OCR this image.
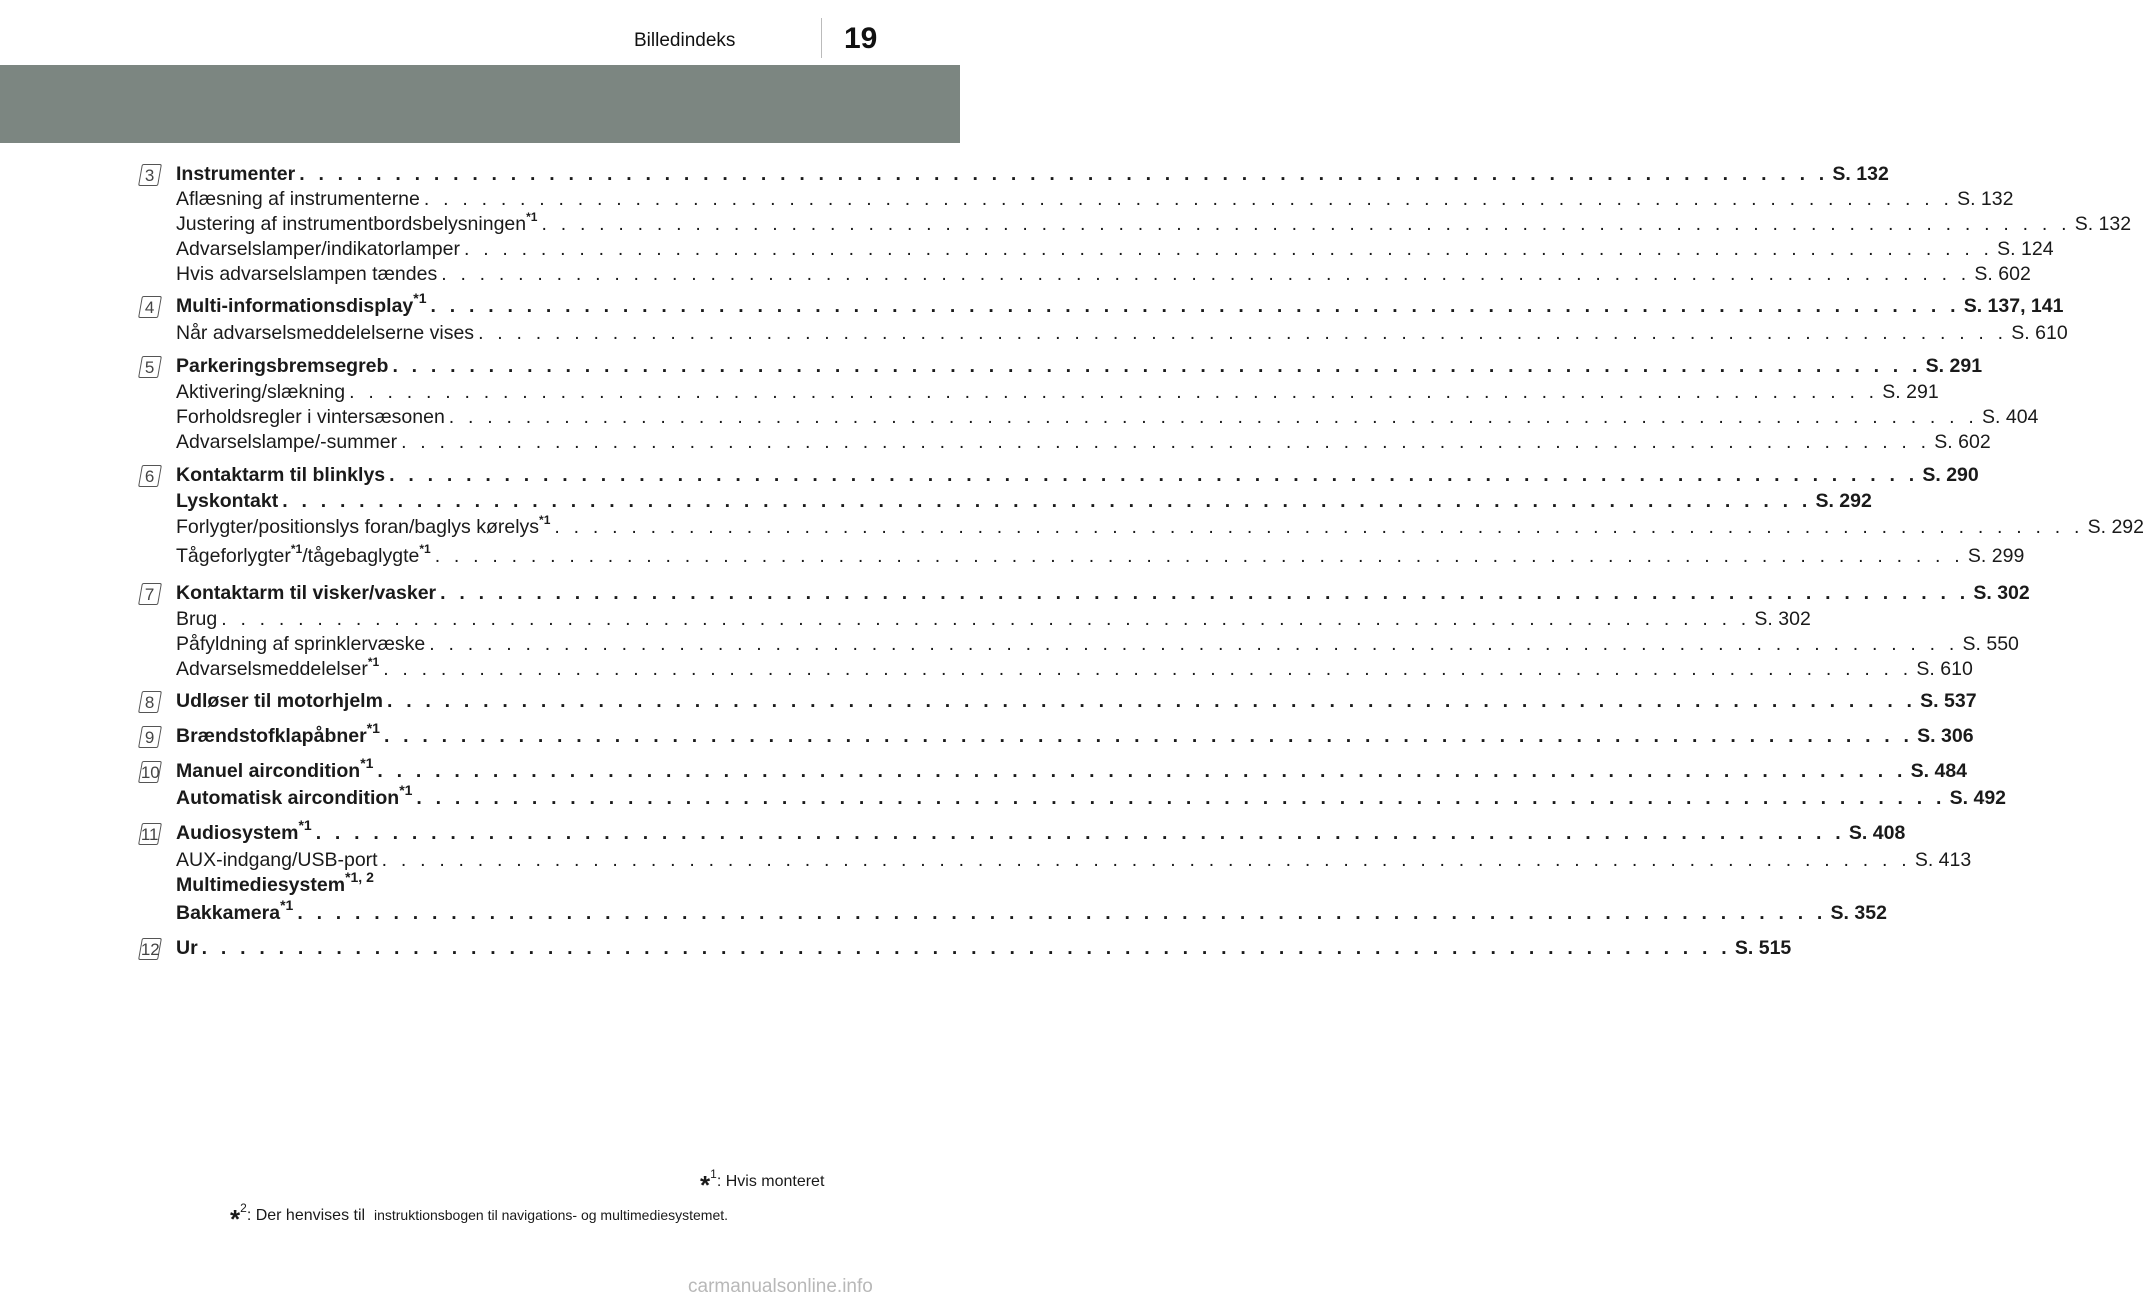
Billedindeks	19
3	Instrumenter . . . . . . . . . . . . . . . . . . . . . . . . . . . . . . . . . . . . . . . . . . . . . . . . . . . . . . . . . . . . . . . . . . . . . . . . . . . . . . . . S. 132
Aflæsning af instrumenterne . . . . . . . . . . . . . . . . . . . . . . . . . . . . . . . . . . . . . . . . . . . . . . . . . . . . . . . . . . . . . . . . . . . . . . . . . . . . . . . . S. 132
Justering af instrumentbordsbelysningen$^{*1}$ . . . . . . . . . . . . . . . . . . . . . . . . . . . . . . . . . . . . . . . . . . . . . . . . . . . . . . . . . . . . . . . . . . . . . . . . . . . . . . . . S. 132
Advarselslamper/indikatorlamper . . . . . . . . . . . . . . . . . . . . . . . . . . . . . . . . . . . . . . . . . . . . . . . . . . . . . . . . . . . . . . . . . . . . . . . . . . . . . . . . S. 124
Hvis advarselslampen tændes . . . . . . . . . . . . . . . . . . . . . . . . . . . . . . . . . . . . . . . . . . . . . . . . . . . . . . . . . . . . . . . . . . . . . . . . . . . . . . . . S. 602
4	Multi-informationsdisplay$^{*1}$ . . . . . . . . . . . . . . . . . . . . . . . . . . . . . . . . . . . . . . . . . . . . . . . . . . . . . . . . . . . . . . . . . . . . . . . . . . . . . . . . S. 137, 141
Når advarselsmeddelelserne vises . . . . . . . . . . . . . . . . . . . . . . . . . . . . . . . . . . . . . . . . . . . . . . . . . . . . . . . . . . . . . . . . . . . . . . . . . . . . . . . . S. 610
5	Parkeringsbremsegreb . . . . . . . . . . . . . . . . . . . . . . . . . . . . . . . . . . . . . . . . . . . . . . . . . . . . . . . . . . . . . . . . . . . . . . . . . . . . . . . . S. 291
Aktivering/slækning . . . . . . . . . . . . . . . . . . . . . . . . . . . . . . . . . . . . . . . . . . . . . . . . . . . . . . . . . . . . . . . . . . . . . . . . . . . . . . . . S. 291
Forholdsregler i vintersæsonen . . . . . . . . . . . . . . . . . . . . . . . . . . . . . . . . . . . . . . . . . . . . . . . . . . . . . . . . . . . . . . . . . . . . . . . . . . . . . . . . S. 404
Advarselslampe/-summer . . . . . . . . . . . . . . . . . . . . . . . . . . . . . . . . . . . . . . . . . . . . . . . . . . . . . . . . . . . . . . . . . . . . . . . . . . . . . . . . S. 602
6	Kontaktarm til blinklys . . . . . . . . . . . . . . . . . . . . . . . . . . . . . . . . . . . . . . . . . . . . . . . . . . . . . . . . . . . . . . . . . . . . . . . . . . . . . . . . S. 290
Lyskontakt . . . . . . . . . . . . . . . . . . . . . . . . . . . . . . . . . . . . . . . . . . . . . . . . . . . . . . . . . . . . . . . . . . . . . . . . . . . . . . . . S. 292
Forlygter/positionslys foran/baglys kørelys$^{*1}$ . . . . . . . . . . . . . . . . . . . . . . . . . . . . . . . . . . . . . . . . . . . . . . . . . . . . . . . . . . . . . . . . . . . . . . . . . . . . . . . . S. 292
Tågeforlygter$^{*1}$/tågebaglygte$^{*1}$ . . . . . . . . . . . . . . . . . . . . . . . . . . . . . . . . . . . . . . . . . . . . . . . . . . . . . . . . . . . . . . . . . . . . . . . . . . . . . . . . S. 299
7	Kontaktarm til visker/vasker . . . . . . . . . . . . . . . . . . . . . . . . . . . . . . . . . . . . . . . . . . . . . . . . . . . . . . . . . . . . . . . . . . . . . . . . . . . . . . . . S. 302
Brug . . . . . . . . . . . . . . . . . . . . . . . . . . . . . . . . . . . . . . . . . . . . . . . . . . . . . . . . . . . . . . . . . . . . . . . . . . . . . . . . S. 302
Påfyldning af sprinklervæske . . . . . . . . . . . . . . . . . . . . . . . . . . . . . . . . . . . . . . . . . . . . . . . . . . . . . . . . . . . . . . . . . . . . . . . . . . . . . . . . S. 550
Advarselsmeddelelser$^{*1}$ . . . . . . . . . . . . . . . . . . . . . . . . . . . . . . . . . . . . . . . . . . . . . . . . . . . . . . . . . . . . . . . . . . . . . . . . . . . . . . . . S. 610
8	Udløser til motorhjelm . . . . . . . . . . . . . . . . . . . . . . . . . . . . . . . . . . . . . . . . . . . . . . . . . . . . . . . . . . . . . . . . . . . . . . . . . . . . . . . . S. 537
9	Brændstofklapåbner$^{*1}$ . . . . . . . . . . . . . . . . . . . . . . . . . . . . . . . . . . . . . . . . . . . . . . . . . . . . . . . . . . . . . . . . . . . . . . . . . . . . . . . . S. 306
10 Manuel aircondition$^{*1}$ . . . . . . . . . . . . . . . . . . . . . . . . . . . . . . . . . . . . . . . . . . . . . . . . . . . . . . . . . . . . . . . . . . . . . . . . . . . . . . . . S. 484
Automatisk aircondition$^{*1}$ . . . . . . . . . . . . . . . . . . . . . . . . . . . . . . . . . . . . . . . . . . . . . . . . . . . . . . . . . . . . . . . . . . . . . . . . . . . . . . . . S. 492
11 Audiosystem$^{*1}$ . . . . . . . . . . . . . . . . . . . . . . . . . . . . . . . . . . . . . . . . . . . . . . . . . . . . . . . . . . . . . . . . . . . . . . . . . . . . . . . . S. 408
AUX-indgang/USB-port . . . . . . . . . . . . . . . . . . . . . . . . . . . . . . . . . . . . . . . . . . . . . . . . . . . . . . . . . . . . . . . . . . . . . . . . . . . . . . . . S. 413
Multimediesystem$^{*1, 2}$
Bakkamera$^{*1}$ . . . . . . . . . . . . . . . . . . . . . . . . . . . . . . . . . . . . . . . . . . . . . . . . . . . . . . . . . . . . . . . . . . . . . . . . . . . . . . . . S. 352
12 Ur . . . . . . . . . . . . . . . . . . . . . . . . . . . . . . . . . . . . . . . . . . . . . . . . . . . . . . . . . . . . . . . . . . . . . . . . . . . . . . . . S. 515
*$^1$: Hvis monteret
*$^2$: Der henvises til instruktionsbogen til navigations- og multimediesystemet.
carmanualsonline.info
